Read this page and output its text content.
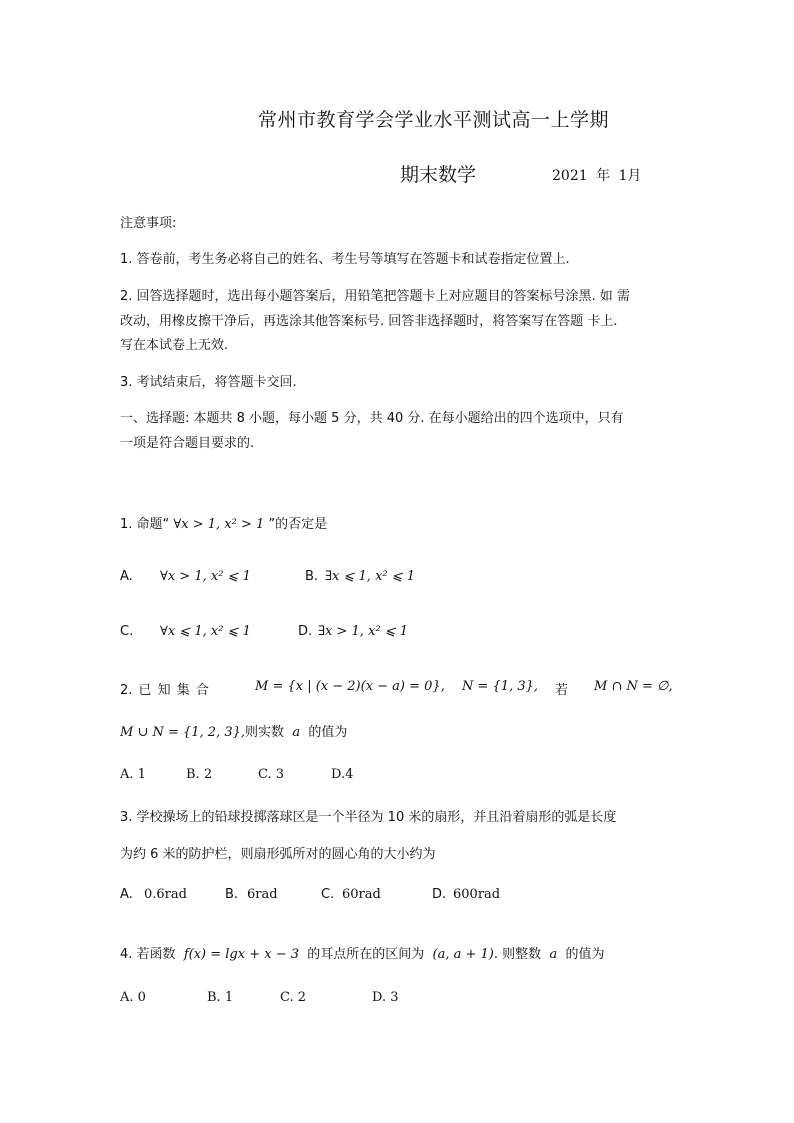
常州市教育学会学业水平测试高一上学期
期末数学	2021 年 1月
注意事项:
1. 答卷前，考生务必将自己的姓名、考生号等填写在答题卡和试卷指定位置上.
2. 回答选择题时，选出每小题答案后，用铅笔把答题卡上对应题目的答案标号涂黑. 如 需
改动，用橡皮擦干净后，再选涂其他答案标号. 回答非选择题时，将答案写在答题 卡上.
写在本试卷上无效.
3. 考试结束后，将答题卡交回.
一、选择题: 本题共 8 小题，每小题 5 分，共 40 分. 在每小题给出的四个选项中，只有
一项是符合题目要求的.
1. 命题“ ∀x > 1, x² > 1 ”的否定是
A. ∀x > 1, x² ⩽ 1	B. ∃x ⩽ 1, x² ⩽ 1
C. ∀x ⩽ 1, x² ⩽ 1	D. ∃x > 1, x² ⩽ 1
2. 已 知 集 合	M = {x | (x − 2)(x − a) = 0}, N = {1, 3}, 若 M ∩ N = ∅,
M ∪ N = {1, 2, 3},则实数 a 的值为
A. 1	B. 2	C. 3	D.4
3. 学校操场上的铅球投掷落球区是一个半径为 10 米的扇形，并且沿着扇形的弧是长度
为约 6 米的防护栏，则扇形弧所对的圆心角的大小约为
A. 0.6rad	B. 6rad	C. 60rad	D. 600rad
4. 若函数 f(x) = lgx + x − 3 的耳点所在的区间为 (a, a + 1). 则整数 a 的值为
A. 0	B. 1	C. 2	D. 3
